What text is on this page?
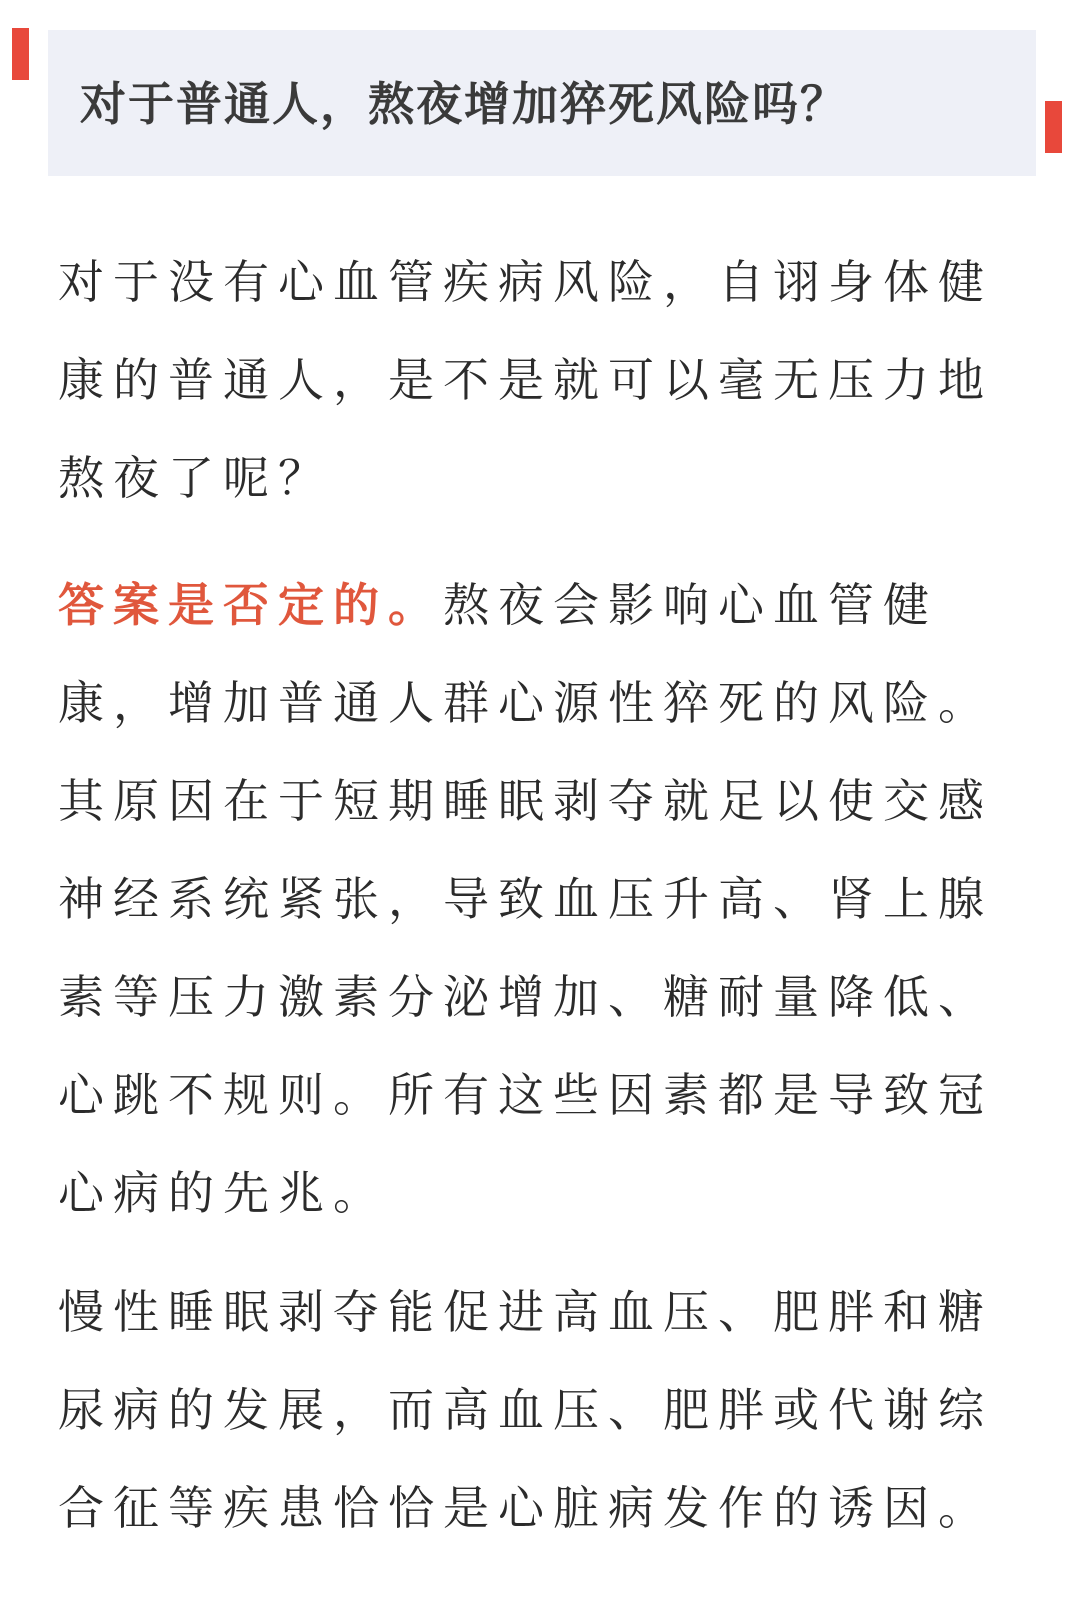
对于普通人，熬夜增加猝死风险吗？
对于没有心血管疾病风险，自诩身体健
康的普通人，是不是就可以毫无压力地
熬夜了呢？
答案是否定的。熬夜会影响心血管健
康，增加普通人群心源性猝死的风险。
其原因在于短期睡眠剥夺就足以使交感
神经系统紧张，导致血压升高、肾上腺
素等压力激素分泌增加、糖耐量降低、
心跳不规则。所有这些因素都是导致冠
心病的先兆。
慢性睡眠剥夺能促进高血压、肥胖和糖
尿病的发展，而高血压、肥胖或代谢综
合征等疾患恰恰是心脏病发作的诱因。
